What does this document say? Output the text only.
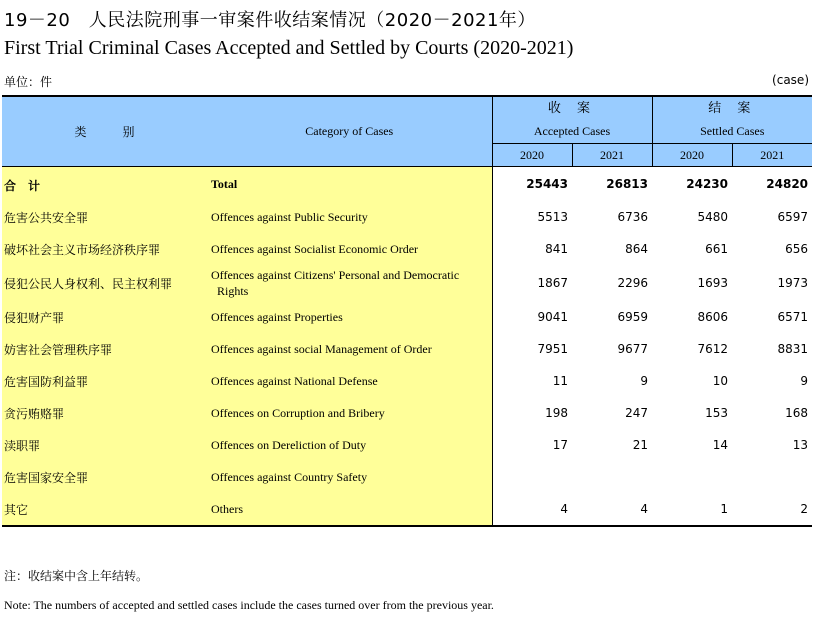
19－20　人民法院刑事一审案件收结案情况（2020－2021年）
First Trial Criminal Cases Accepted and Settled by Courts (2020-2021)
单位：件	(case)
类　　　别	Category of Cases	收 案
Accepted Cases		结 案
Settled Cases	

		2020	2021	2020	2021
合　计	Total	25443	26813	24230	24820
危害公共安全罪	Offences against Public Security	5513	6736	5480	6597
破坏社会主义市场经济秩序罪	Offences against Socialist Economic Order	841	864	661	656
侵犯公民人身权利、民主权利罪	Offences against Citizens' Personal and Democratic
Rights	1867	2296	1693	1973
侵犯财产罪	Offences against Properties	9041	6959	8606	6571
妨害社会管理秩序罪	Offences against social Management of Order	7951	9677	7612	8831
危害国防利益罪	Offences against National Defense	11	9	10	9
贪污贿赂罪	Offences on Corruption and Bribery	198	247	153	168
渎职罪	Offences on Dereliction of Duty	17	21	14	13
危害国家安全罪	Offences against Country Safety				
其它	Others	4	4	1	2
注：收结案中含上年结转。
Note: The numbers of accepted and settled cases include the cases turned over from the previous year.
